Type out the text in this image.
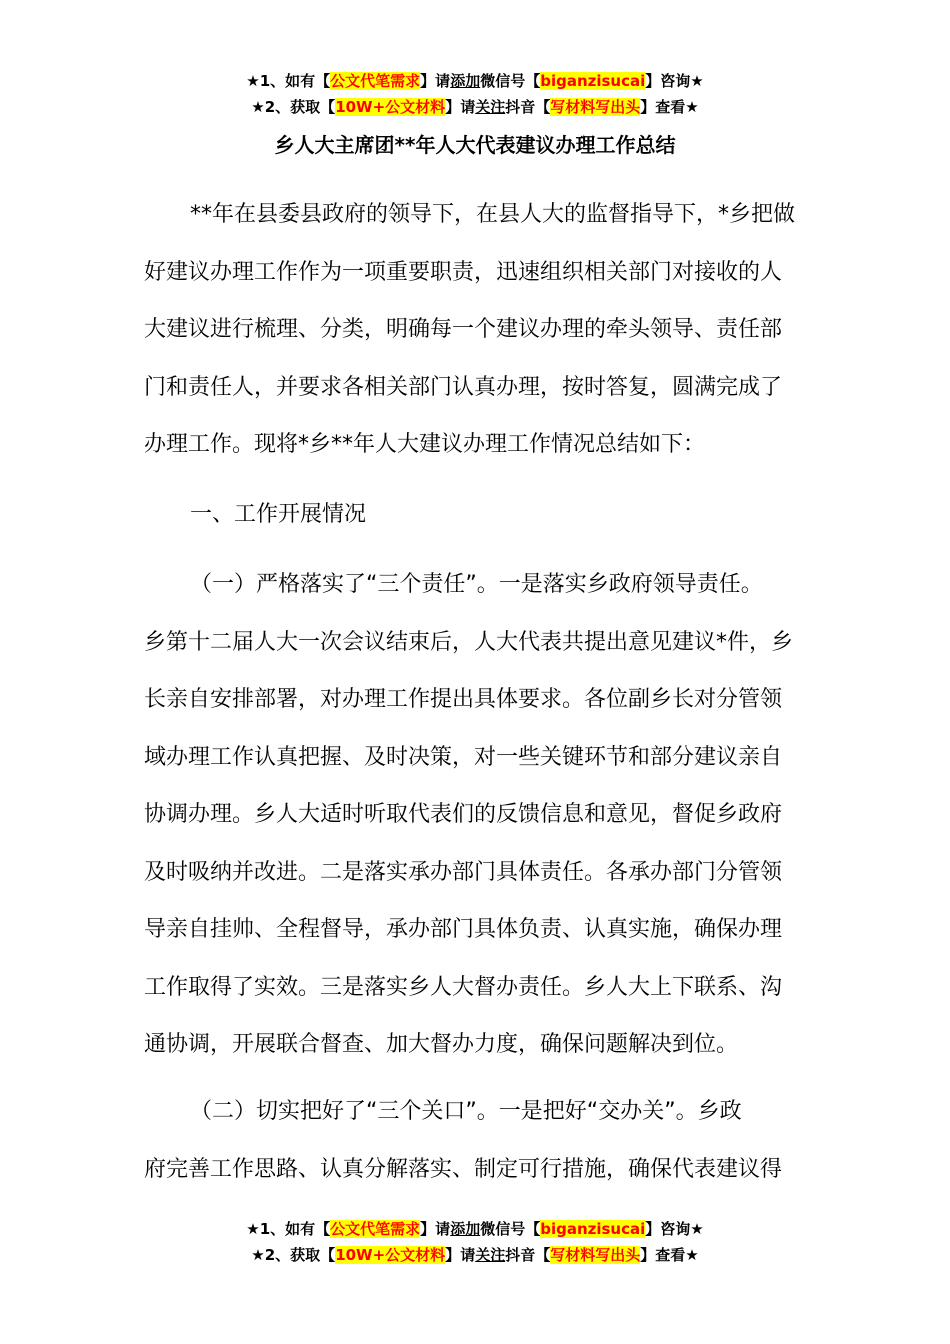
★1、如有【公文代笔需求】请添加微信号【biganzisucai】咨询★
★2、获取【10W+公文材料】请关注抖音【写材料写出头】查看★
乡人大主席团**年人大代表建议办理工作总结
**年在县委县政府的领导下，在县人大的监督指导下，*乡把做
好建议办理工作作为一项重要职责，迅速组织相关部门对接收的人
大建议进行梳理、分类，明确每一个建议办理的牵头领导、责任部
门和责任人，并要求各相关部门认真办理，按时答复，圆满完成了
办理工作。现将*乡**年人大建议办理工作情况总结如下：
一、工作开展情况
（一）严格落实了“三个责任”。一是落实乡政府领导责任。
乡第十二届人大一次会议结束后，人大代表共提出意见建议*件，乡
长亲自安排部署，对办理工作提出具体要求。各位副乡长对分管领
域办理工作认真把握、及时决策，对一些关键环节和部分建议亲自
协调办理。乡人大适时听取代表们的反馈信息和意见，督促乡政府
及时吸纳并改进。二是落实承办部门具体责任。各承办部门分管领
导亲自挂帅、全程督导，承办部门具体负责、认真实施，确保办理
工作取得了实效。三是落实乡人大督办责任。乡人大上下联系、沟
通协调，开展联合督查、加大督办力度，确保问题解决到位。
（二）切实把好了“三个关口”。一是把好“交办关”。乡政
府完善工作思路、认真分解落实、制定可行措施，确保代表建议得
★1、如有【公文代笔需求】请添加微信号【biganzisucai】咨询★
★2、获取【10W+公文材料】请关注抖音【写材料写出头】查看★
